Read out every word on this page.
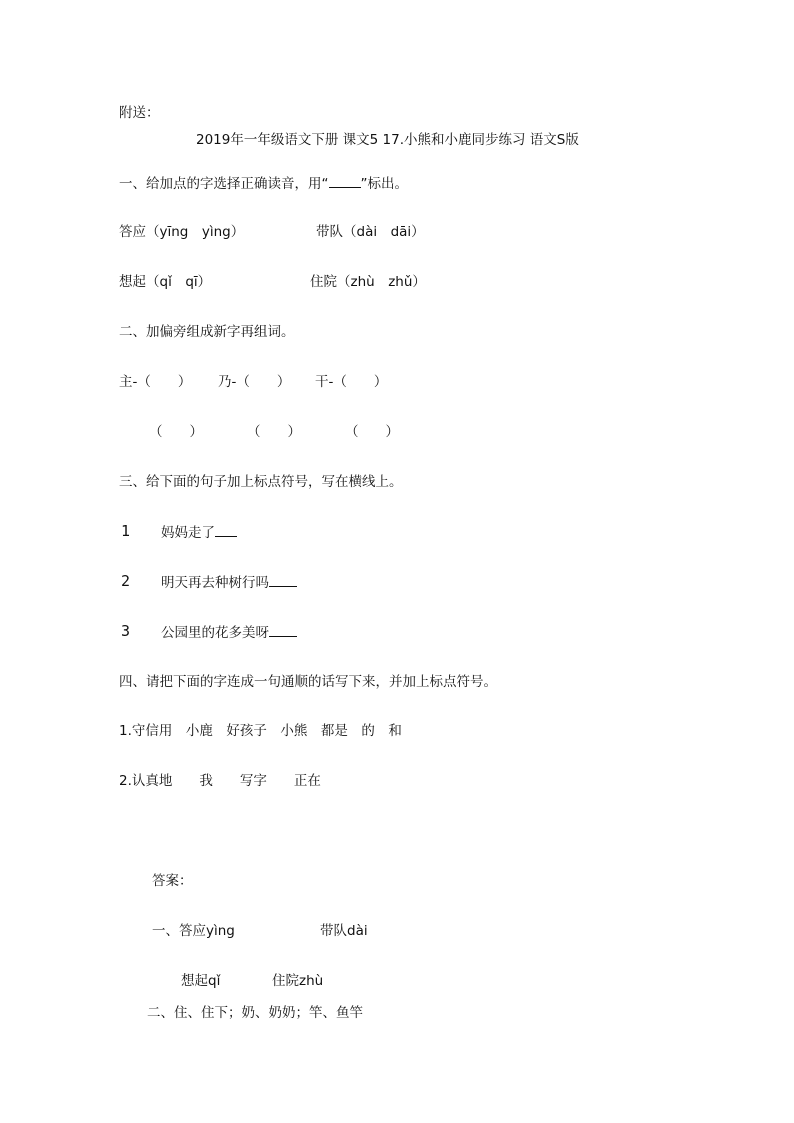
附送：
2019年一年级语文下册 课文5 17.小熊和小鹿同步练习 语文S版
一、给加点的字选择正确读音，用“ ”标出。
答应（yīng　yìng）	带队（dài　dāi）
想起（qǐ　qī）	住院（zhù　zhǔ）
二、加偏旁组成新字再组词。
主-（　　） 乃-（　　） 干-（　　）
（　　）	（　　）	（　　）
三、给下面的句子加上标点符号，写在横线上。
1 妈妈走了
2 明天再去种树行吗
3 公园里的花多美呀
四、请把下面的字连成一句通顺的话写下来，并加上标点符号。
1.守信用　小鹿　好孩子　小熊　都是　的　和
2.认真地　　我　　写字　　正在
答案：
一、答应yìng	带队dài
想起qǐ	住院zhù
二、住、住下；奶、奶奶；竿、鱼竿
